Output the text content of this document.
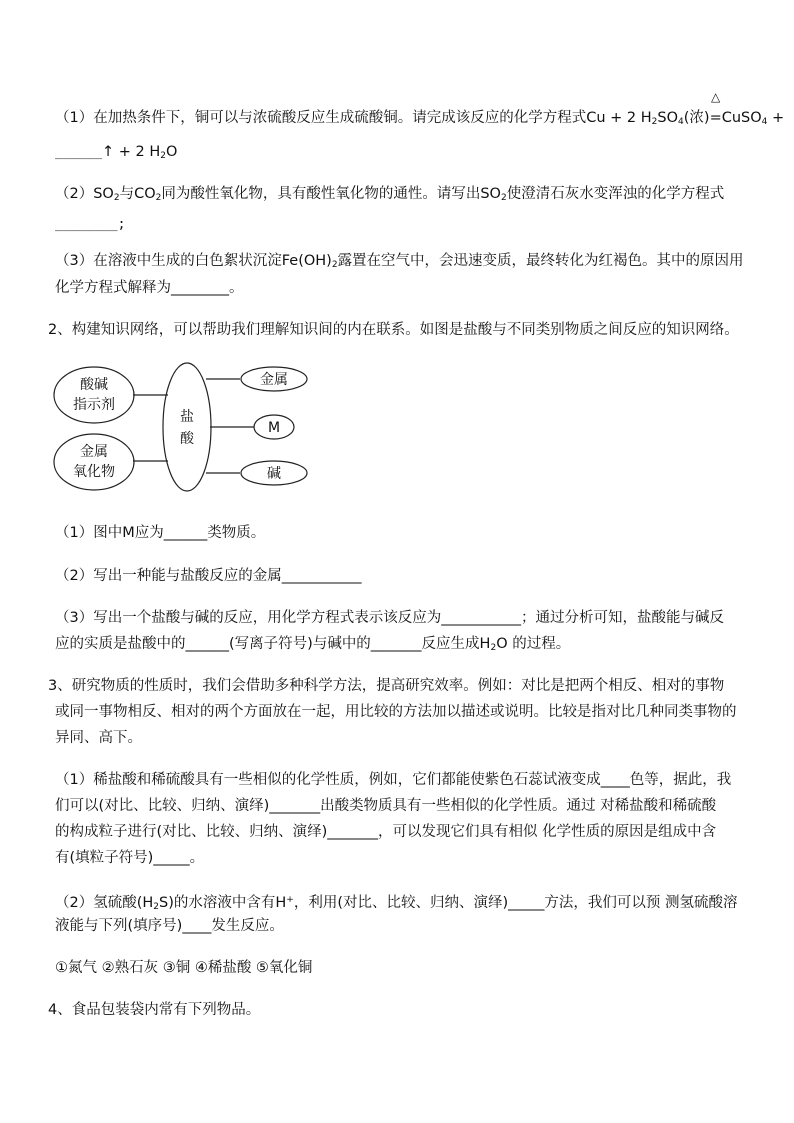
（1）在加热条件下，铜可以与浓硫酸反应生成硫酸铜。请完成该反应的化学方程式Cu + 2 $H_2SO_4$(浓)
△
=CuSO$_4$ +
______↑ + 2 $H_2O$
$(2)SO_2$与$CO_2$同为酸性氧化物，具有酸性氧化物的通性。请写出$SO_2$使澄清石灰水变浑浊的化学方程式
________;
（3）在溶液中生成的白色絮状沉淀$Fe(OH)_2$露置在空气中，会迅速变质，最终转化为红褐色。其中的原因用
化学方程式解释为________。
2、构建知识网络，可以帮助我们理解知识间的内在联系。如图是盐酸与不同类别物质之间反应的知识网络。
酸碱
指示剂
金属
氧化物
盐
酸
金属
M
碱
（1）图中M应为______类物质。
（2）写出一种能与盐酸反应的金属___________
（3）写出一个盐酸与碱的反应，用化学方程式表示该反应为___________；通过分析可知，盐酸能与碱反
应的实质是盐酸中的______(写离子符号)与碱中的_______反应生成$H_2O$ 的过程。
3、研究物质的性质时，我们会借助多种科学方法，提高研究效率。例如：对比是把两个相反、相对的事物
或同一事物相反、相对的两个方面放在一起，用比较的方法加以描述或说明。比较是指对比几种同类事物的
异同、高下。
（1）稀盐酸和稀硫酸具有一些相似的化学性质，例如，它们都能使紫色石蕊试液变成____色等，据此，我
们可以(对比、比较、归纳、演绎)_______出酸类物质具有一些相似的化学性质。通过 对稀盐酸和稀硫酸
的构成粒子进行(对比、比较、归纳、演绎)_______，可以发现它们具有相似 化学性质的原因是组成中含
有(填粒子符号)_____。
（2）氢硫酸$(H_2S)$的水溶液中含有H+，利用(对比、比较、归纳、演绎)_____方法，我们可以预 测氢硫酸溶
液能与下列(填序号)____发生反应。
①氮气 ②熟石灰 ③铜 ④稀盐酸 ⑤氧化铜
4、食品包装袋内常有下列物品。
